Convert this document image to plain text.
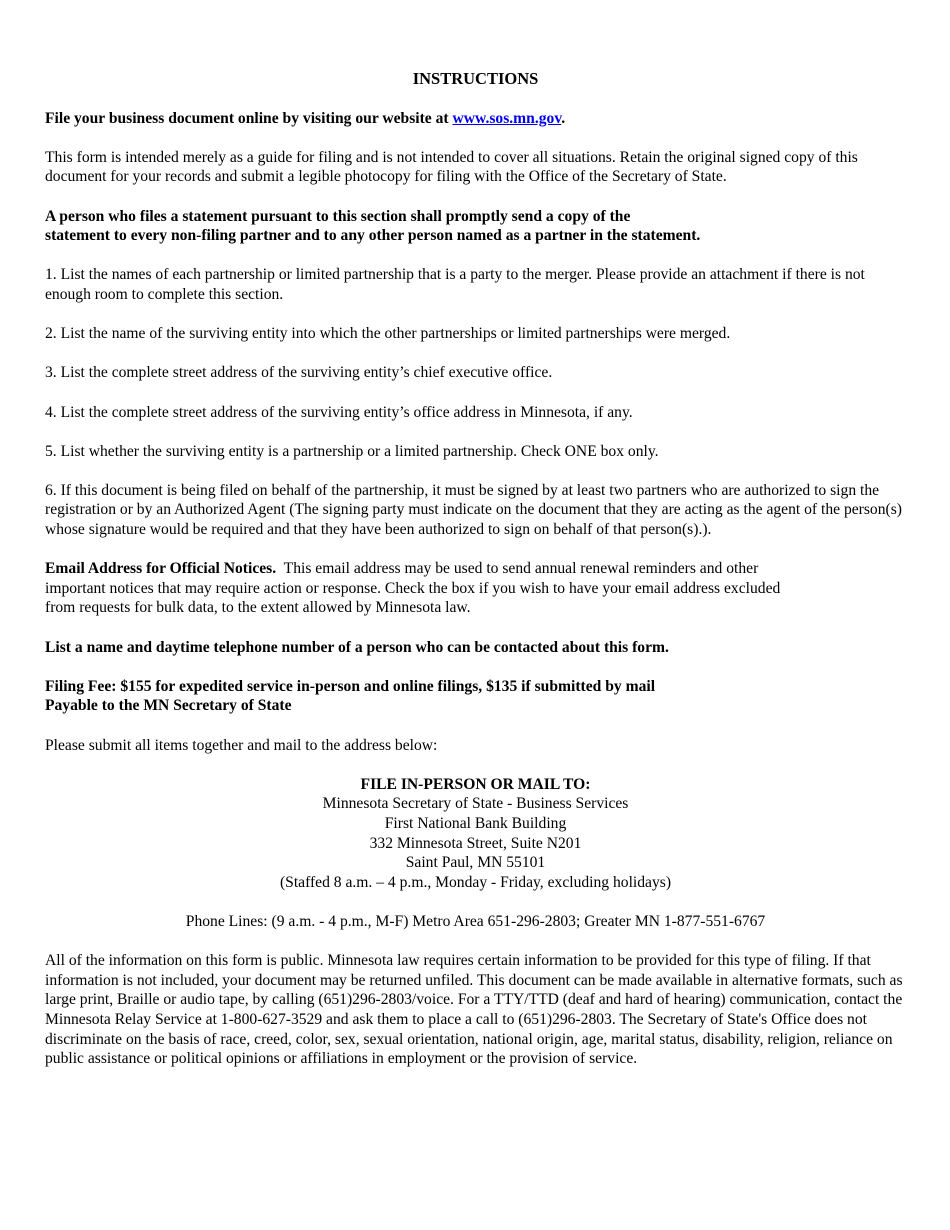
INSTRUCTIONS

File your business document online by visiting our website at www.sos.mn.gov.

This form is intended merely as a guide for filing and is not intended to cover all situations. Retain the original signed copy of this document for your records and submit a legible photocopy for filing with the Office of the Secretary of State.

A person who files a statement pursuant to this section shall promptly send a copy of the
statement to every non-filing partner and to any other person named as a partner in the statement.

1. List the names of each partnership or limited partnership that is a party to the merger. Please provide an attachment if there is not enough room to complete this section.

2. List the name of the surviving entity into which the other partnerships or limited partnerships were merged.

3. List the complete street address of the surviving entity’s chief executive office.

4. List the complete street address of the surviving entity’s office address in Minnesota, if any.

5. List whether the surviving entity is a partnership or a limited partnership. Check ONE box only.

6. If this document is being filed on behalf of the partnership, it must be signed by at least two partners who are authorized to sign the registration or by an Authorized Agent (The signing party must indicate on the document that they are acting as the agent of the person(s) whose signature would be required and that they have been authorized to sign on behalf of that person(s).).

Email Address for Official Notices.  This email address may be used to send annual renewal reminders and other
important notices that may require action or response. Check the box if you wish to have your email address excluded
from requests for bulk data, to the extent allowed by Minnesota law.

List a name and daytime telephone number of a person who can be contacted about this form.

Filing Fee: $155 for expedited service in-person and online filings, $135 if submitted by mail
Payable to the MN Secretary of State

Please submit all items together and mail to the address below:

FILE IN-PERSON OR MAIL TO:
Minnesota Secretary of State - Business Services
First National Bank Building
332 Minnesota Street, Suite N201
Saint Paul, MN 55101
(Staffed 8 a.m. – 4 p.m., Monday - Friday, excluding holidays)

Phone Lines: (9 a.m. - 4 p.m., M-F) Metro Area 651-296-2803; Greater MN 1-877-551-6767

All of the information on this form is public. Minnesota law requires certain information to be provided for this type of filing. If that information is not included, your document may be returned unfiled. This document can be made available in alternative formats, such as large print, Braille or audio tape, by calling (651)296-2803/voice. For a TTY/TTD (deaf and hard of hearing) communication, contact the Minnesota Relay Service at 1-800-627-3529 and ask them to place a call to (651)296-2803. The Secretary of State's Office does not discriminate on the basis of race, creed, color, sex, sexual orientation, national origin, age, marital status, disability, religion, reliance on public assistance or political opinions or affiliations in employment or the provision of service.
